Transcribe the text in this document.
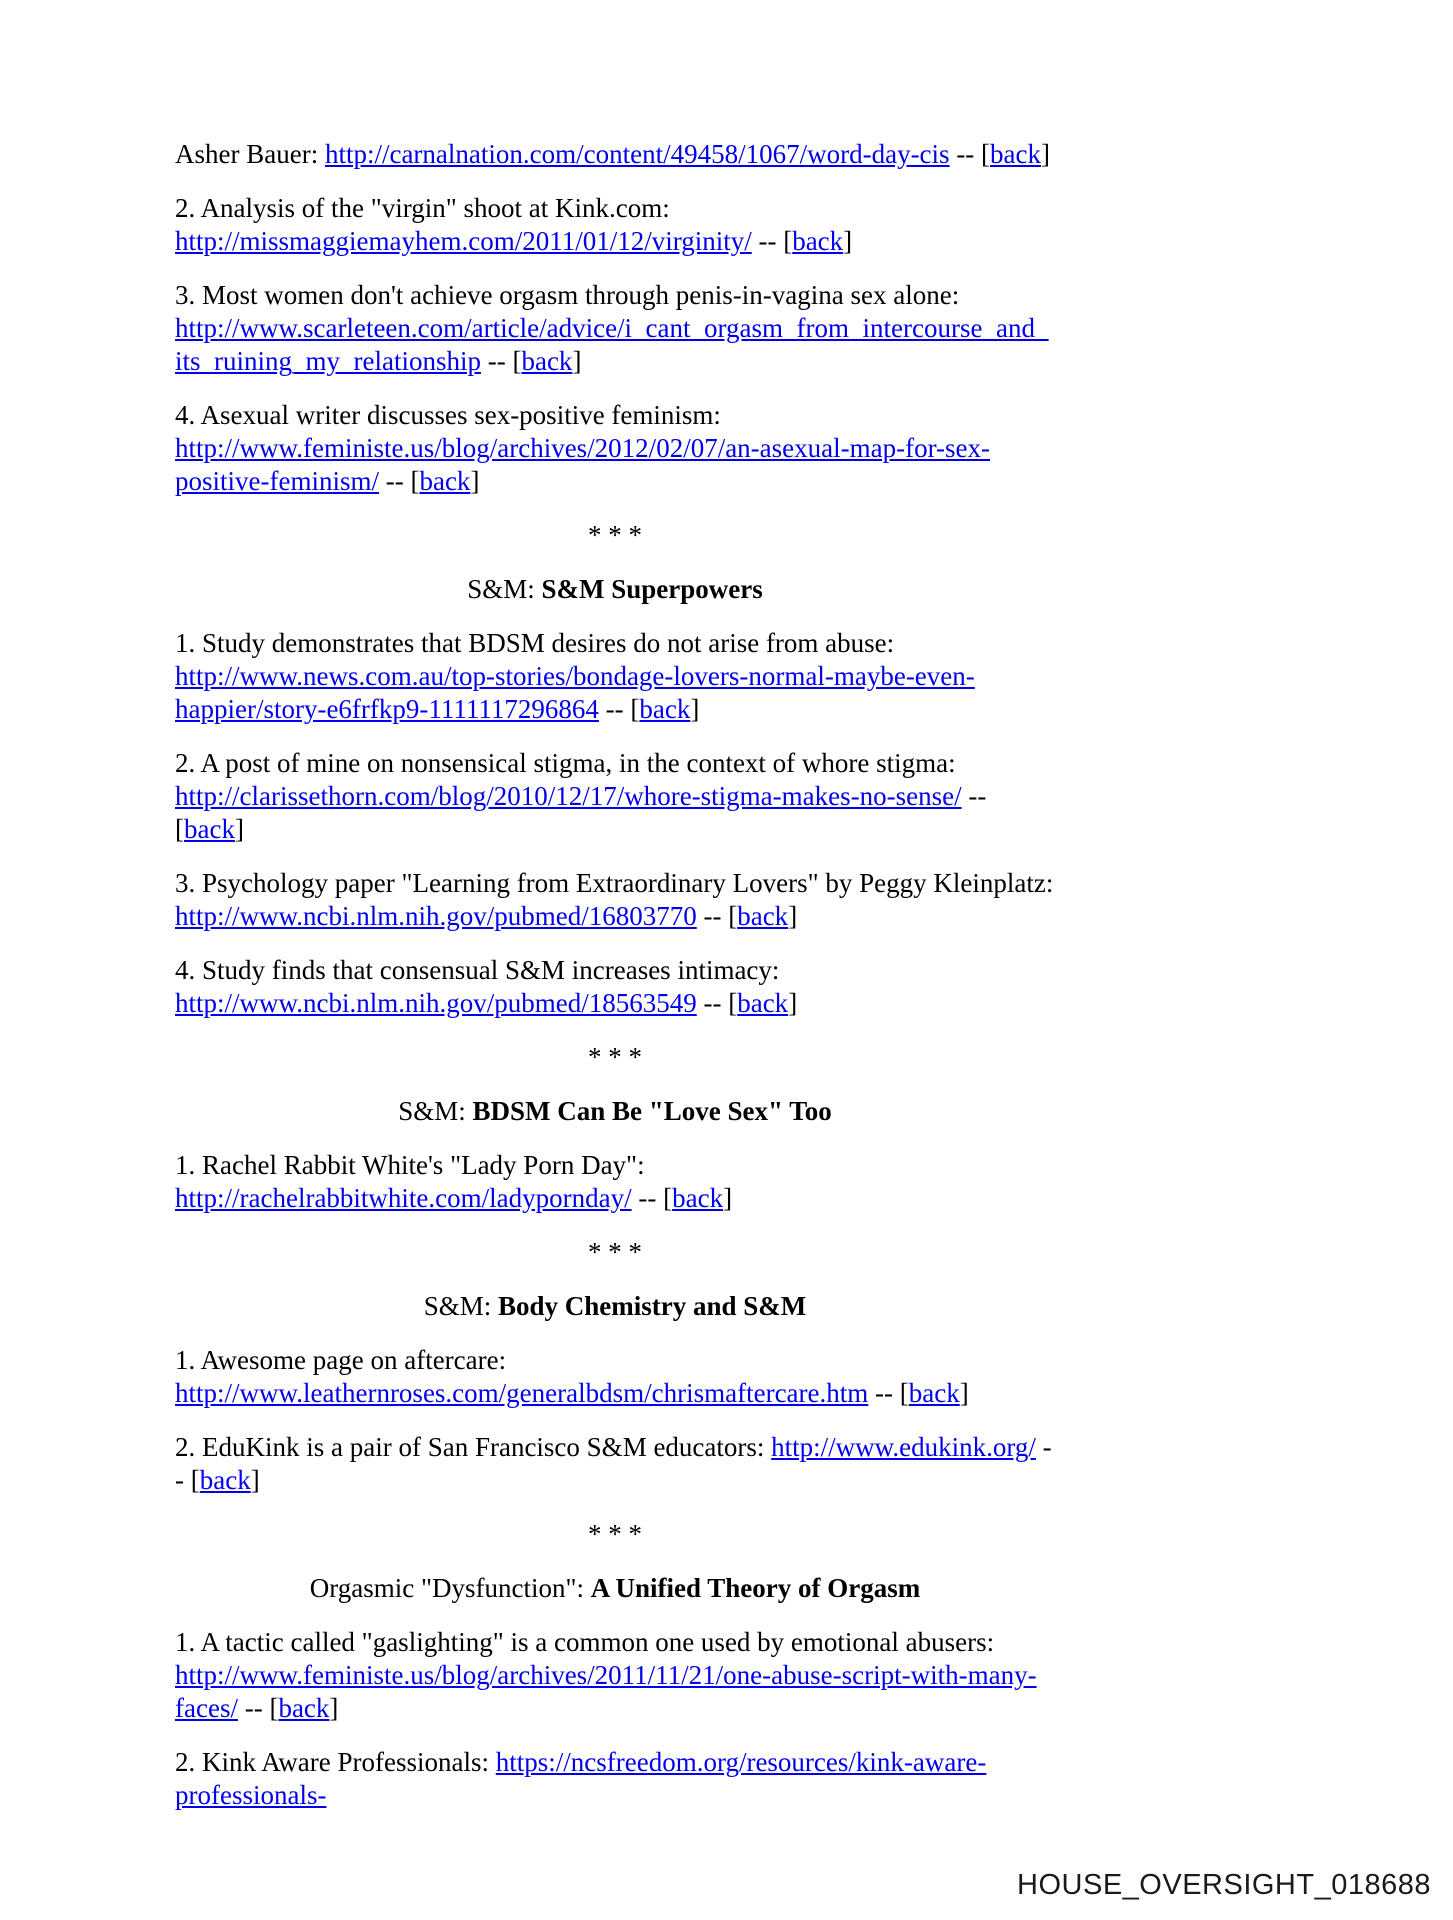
Asher Bauer: http://carnalnation.com/content/49458/1067/word-day-cis -- [back]

2. Analysis of the "virgin" shoot at Kink.com: http://missmaggiemayhem.com/2011/01/12/virginity/ -- [back]

3. Most women don't achieve orgasm through penis-in-vagina sex alone: http://www.scarleteen.com/article/advice/i_cant_orgasm_from_intercourse_and_its_ruining_my_relationship -- [back]

4. Asexual writer discusses sex-positive feminism: http://www.feministe.us/blog/archives/2012/02/07/an-asexual-map-for-sex-positive-feminism/ -- [back]

* * *

S&M: S&M Superpowers

1. Study demonstrates that BDSM desires do not arise from abuse: http://www.news.com.au/top-stories/bondage-lovers-normal-maybe-even-happier/story-e6frfkp9-1111117296864 -- [back]

2. A post of mine on nonsensical stigma, in the context of whore stigma: http://clarissethorn.com/blog/2010/12/17/whore-stigma-makes-no-sense/ -- [back]

3. Psychology paper "Learning from Extraordinary Lovers" by Peggy Kleinplatz: http://www.ncbi.nlm.nih.gov/pubmed/16803770 -- [back]

4. Study finds that consensual S&M increases intimacy: http://www.ncbi.nlm.nih.gov/pubmed/18563549 -- [back]

* * *

S&M: BDSM Can Be "Love Sex" Too

1. Rachel Rabbit White's "Lady Porn Day": http://rachelrabbitwhite.com/ladypornday/ -- [back]

* * *

S&M: Body Chemistry and S&M

1. Awesome page on aftercare: http://www.leathernroses.com/generalbdsm/chrismaftercare.htm -- [back]

2. EduKink is a pair of San Francisco S&M educators: http://www.edukink.org/ -- [back]

* * *

Orgasmic "Dysfunction": A Unified Theory of Orgasm

1. A tactic called "gaslighting" is a common one used by emotional abusers: http://www.feministe.us/blog/archives/2011/11/21/one-abuse-script-with-many-faces/ -- [back]

2. Kink Aware Professionals: https://ncsfreedom.org/resources/kink-aware-professionals-

HOUSE_OVERSIGHT_018688
